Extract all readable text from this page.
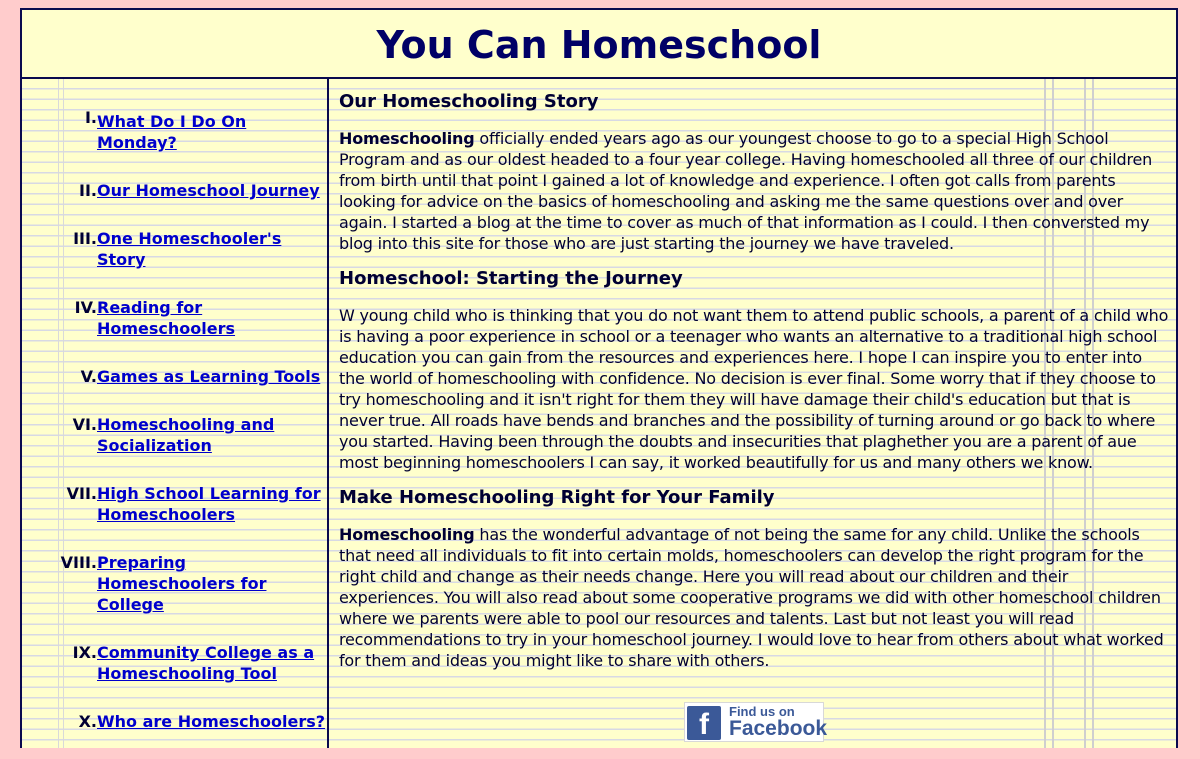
You Can Homeschool
I. What Do I Do On Monday?
II. Our Homeschool Journey
III. One Homeschooler's Story
IV. Reading for Homeschoolers
V. Games as Learning Tools
VI. Homeschooling and Socialization
VII. High School Learning for Homeschoolers
VIII. Preparing Homeschoolers for College
IX. Community College as a Homeschooling Tool
X. Who are Homeschoolers?
Our Homeschooling Story

Homeschooling officially ended years ago as our youngest choose to go to a special High School Program and as our oldest headed to a four year college. Having homeschooled all three of our children from birth until that point I gained a lot of knowledge and experience. I often got calls from parents looking for advice on the basics of homeschooling and asking me the same questions over and over again. I started a blog at the time to cover as much of that information as I could. I then conversted my blog into this site for those who are just starting the journey we have traveled.

Homeschool: Starting the Journey

W young child who is thinking that you do not want them to attend public schools, a parent of a child who is having a poor experience in school or a teenager who wants an alternative to a traditional high school education you can gain from the resources and experiences here. I hope I can inspire you to enter into the world of homeschooling with confidence. No decision is ever final. Some worry that if they choose to try homeschooling and it isn't right for them they will have damage their child's education but that is never true. All roads have bends and branches and the possibility of turning around or go back to where you started. Having been through the doubts and insecurities that plaghether you are a parent of aue most beginning homeschoolers I can say, it worked beautifully for us and many others we know.

Make Homeschooling Right for Your Family

Homeschooling has the wonderful advantage of not being the same for any child. Unlike the schools that need all individuals to fit into certain molds, homeschoolers can develop the right program for the right child and change as their needs change. Here you will read about our children and their experiences. You will also read about some cooperative programs we did with other homeschool children where we parents were able to pool our resources and talents. Last but not least you will read recommendations to try in your homeschool journey. I would love to hear from others about what worked for them and ideas you might like to share with others.

f	Find us on
Facebook
